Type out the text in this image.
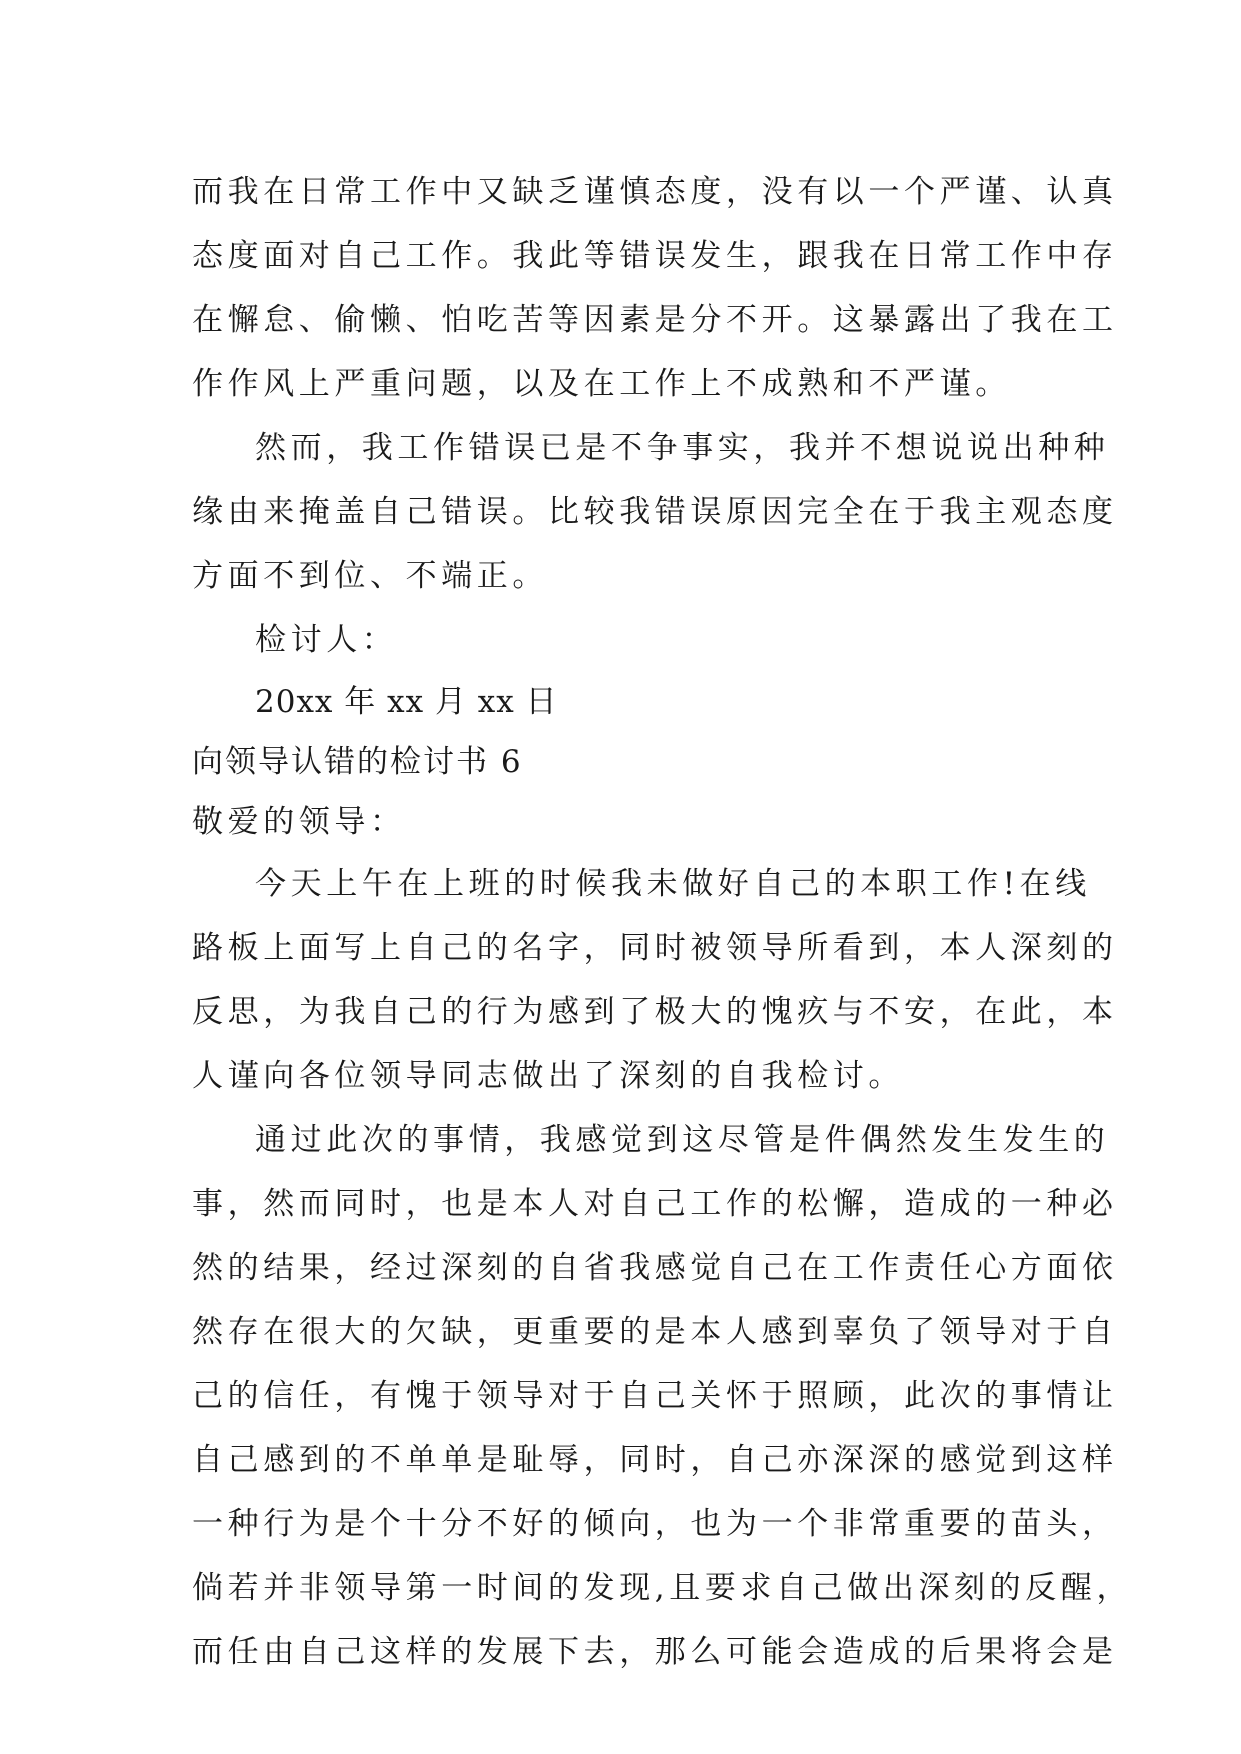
而我在日常工作中又缺乏谨慎态度，没有以一个严谨、认真
态度面对自己工作。我此等错误发生，跟我在日常工作中存
在懈怠、偷懒、怕吃苦等因素是分不开。这暴露出了我在工
作作风上严重问题，以及在工作上不成熟和不严谨。
然而，我工作错误已是不争事实，我并不想说说出种种
缘由来掩盖自己错误。比较我错误原因完全在于我主观态度
方面不到位、不端正。
检讨人：
20xx 年 xx 月 xx 日
向领导认错的检讨书 6
敬爱的领导：
今天上午在上班的时候我未做好自己的本职工作!在线
路板上面写上自己的名字，同时被领导所看到，本人深刻的
反思，为我自己的行为感到了极大的愧疚与不安，在此，本
人谨向各位领导同志做出了深刻的自我检讨。
通过此次的事情，我感觉到这尽管是件偶然发生发生的
事，然而同时，也是本人对自己工作的松懈，造成的一种必
然的结果，经过深刻的自省我感觉自己在工作责任心方面依
然存在很大的欠缺，更重要的是本人感到辜负了领导对于自
己的信任，有愧于领导对于自己关怀于照顾，此次的事情让
自己感到的不单单是耻辱，同时，自己亦深深的感觉到这样
一种行为是个十分不好的倾向，也为一个非常重要的苗头，
倘若并非领导第一时间的发现,且要求自己做出深刻的反醒，
而任由自己这样的发展下去，那么可能会造成的后果将会是
